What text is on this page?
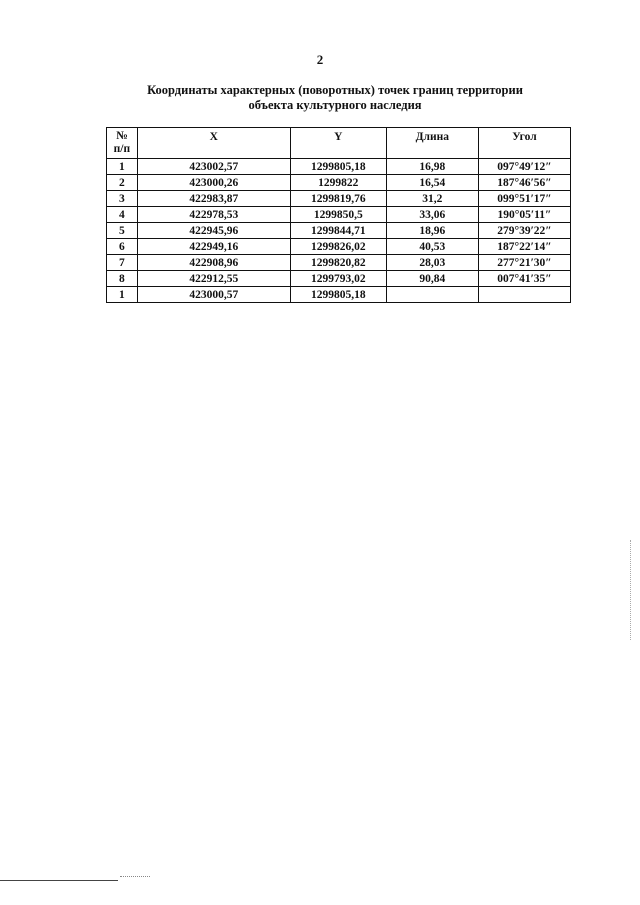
2
Координаты характерных (поворотных) точек границ территории
объекта культурного наследия
№
п/п	X	Y	Длина	Угол
1	423002,57	1299805,18	16,98	097°49′12″
2	423000,26	1299822	16,54	187°46′56″
3	422983,87	1299819,76	31,2	099°51′17″
4	422978,53	1299850,5	33,06	190°05′11″
5	422945,96	1299844,71	18,96	279°39′22″
6	422949,16	1299826,02	40,53	187°22′14″
7	422908,96	1299820,82	28,03	277°21′30″
8	422912,55	1299793,02	90,84	007°41′35″
1	423000,57	1299805,18		
